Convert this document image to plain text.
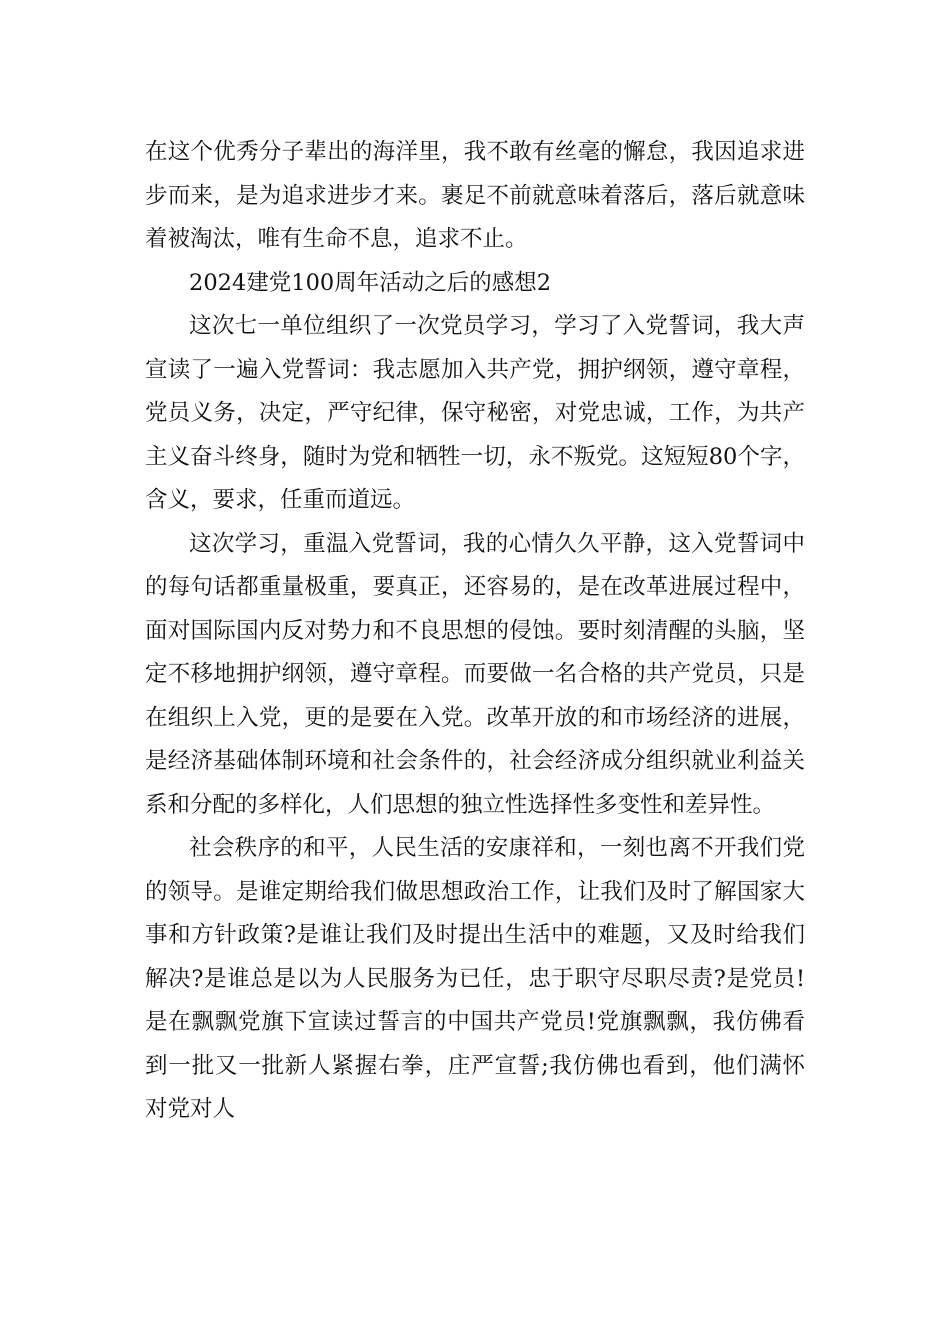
在这个优秀分子辈出的海洋里，我不敢有丝毫的懈怠，我因追求进步而来，是为追求进步才来。裹足不前就意味着落后，落后就意味着被淘汰，唯有生命不息，追求不止。

2024建党100周年活动之后的感想2

这次七一单位组织了一次党员学习，学习了入党誓词，我大声宣读了一遍入党誓词：我志愿加入共产党，拥护纲领，遵守章程，党员义务，决定，严守纪律，保守秘密，对党忠诚，工作，为共产主义奋斗终身，随时为党和牺牲一切，永不叛党。这短短80个字，含义，要求，任重而道远。

这次学习，重温入党誓词，我的心情久久平静，这入党誓词中的每句话都重量极重，要真正，还容易的，是在改革进展过程中，面对国际国内反对势力和不良思想的侵蚀。要时刻清醒的头脑，坚定不移地拥护纲领，遵守章程。而要做一名合格的共产党员，只是在组织上入党，更的是要在入党。改革开放的和市场经济的进展，是经济基础体制环境和社会条件的，社会经济成分组织就业利益关系和分配的多样化，人们思想的独立性选择性多变性和差异性。

社会秩序的和平，人民生活的安康祥和，一刻也离不开我们党的领导。是谁定期给我们做思想政治工作，让我们及时了解国家大事和方针政策?是谁让我们及时提出生活中的难题，又及时给我们解决?是谁总是以为人民服务为已任，忠于职守尽职尽责?是党员!是在飘飘党旗下宣读过誓言的中国共产党员!党旗飘飘，我仿佛看到一批又一批新人紧握右拳，庄严宣誓;我仿佛也看到，他们满怀对党对人
